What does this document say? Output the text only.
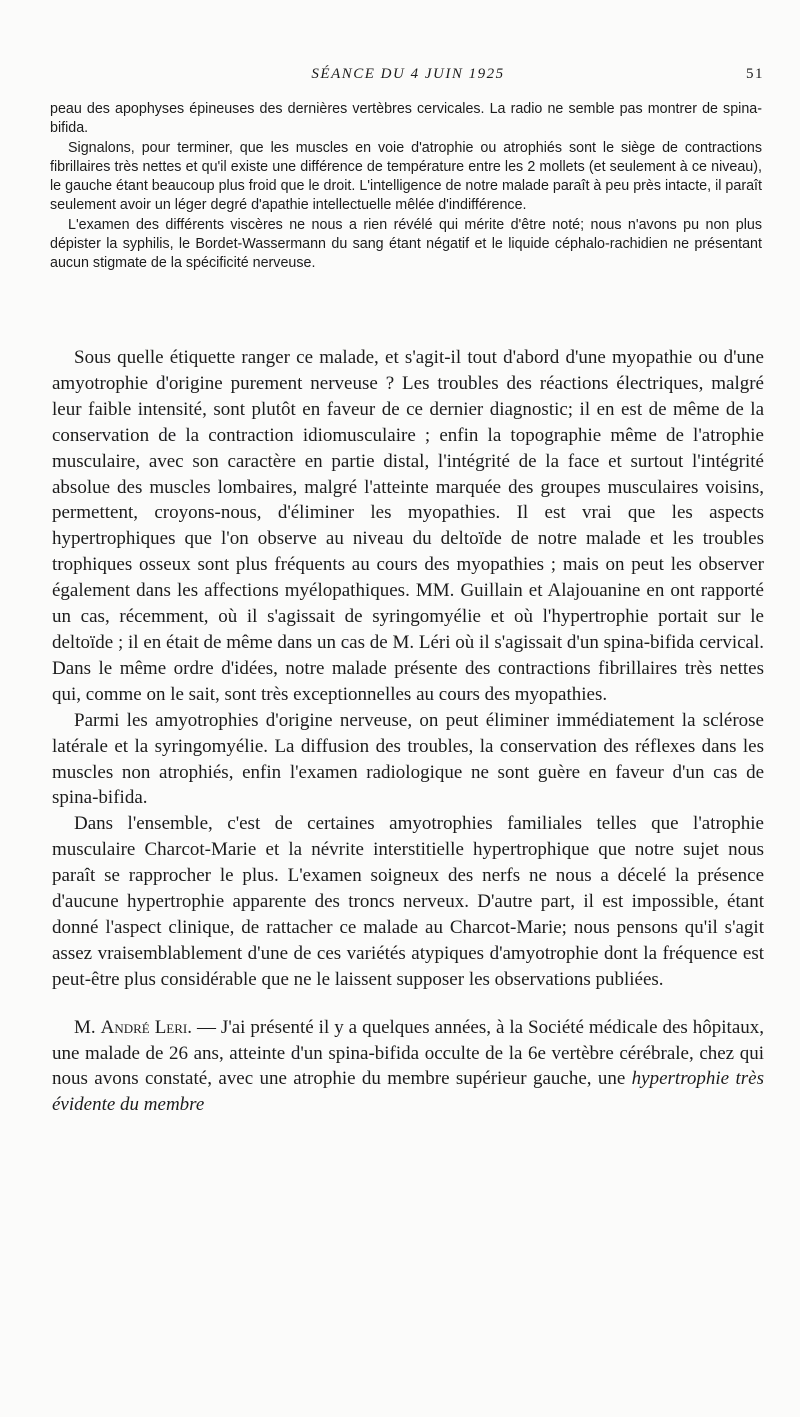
SÉANCE DU 4 JUIN 1925	51

peau des apophyses épineuses des dernières vertèbres cervicales. La radio ne semble pas montrer de spina-bifida.

Signalons, pour terminer, que les muscles en voie d'atrophie ou atrophiés sont le siège de contractions fibrillaires très nettes et qu'il existe une différence de température entre les 2 mollets (et seulement à ce niveau), le gauche étant beaucoup plus froid que le droit. L'intelligence de notre malade paraît à peu près intacte, il paraît seulement avoir un léger degré d'apathie intellectuelle mêlée d'indifférence.

L'examen des différents viscères ne nous a rien révélé qui mérite d'être noté; nous n'avons pu non plus dépister la syphilis, le Bordet-Wassermann du sang étant négatif et le liquide céphalo-rachidien ne présentant aucun stigmate de la spécificité nerveuse.

Sous quelle étiquette ranger ce malade, et s'agit-il tout d'abord d'une myopathie ou d'une amyotrophie d'origine purement nerveuse ? Les troubles des réactions électriques, malgré leur faible intensité, sont plutôt en faveur de ce dernier diagnostic; il en est de même de la conservation de la contraction idiomusculaire ; enfin la topographie même de l'atrophie musculaire, avec son caractère en partie distal, l'intégrité de la face et surtout l'intégrité absolue des muscles lombaires, malgré l'atteinte marquée des groupes musculaires voisins, permettent, croyons-nous, d'éliminer les myopathies. Il est vrai que les aspects hypertrophiques que l'on observe au niveau du deltoïde de notre malade et les troubles trophiques osseux sont plus fréquents au cours des myopathies ; mais on peut les observer également dans les affections myélopathiques. MM. Guillain et Alajouanine en ont rapporté un cas, récemment, où il s'agissait de syringomyélie et où l'hypertrophie portait sur le deltoïde ; il en était de même dans un cas de M. Léri où il s'agissait d'un spina-bifida cervical. Dans le même ordre d'idées, notre malade présente des contractions fibrillaires très nettes qui, comme on le sait, sont très exceptionnelles au cours des myopathies.

Parmi les amyotrophies d'origine nerveuse, on peut éliminer immédiatement la sclérose latérale et la syringomyélie. La diffusion des troubles, la conservation des réflexes dans les muscles non atrophiés, enfin l'examen radiologique ne sont guère en faveur d'un cas de spina-bifida.

Dans l'ensemble, c'est de certaines amyotrophies familiales telles que l'atrophie musculaire Charcot-Marie et la névrite interstitielle hypertrophique que notre sujet nous paraît se rapprocher le plus. L'examen soigneux des nerfs ne nous a décelé la présence d'aucune hypertrophie apparente des troncs nerveux. D'autre part, il est impossible, étant donné l'aspect clinique, de rattacher ce malade au Charcot-Marie; nous pensons qu'il s'agit assez vraisemblablement d'une de ces variétés atypiques d'amyotrophie dont la fréquence est peut-être plus considérable que ne le laissent supposer les observations publiées.

M. André Leri. — J'ai présenté il y a quelques années, à la Société médicale des hôpitaux, une malade de 26 ans, atteinte d'un spina-bifida occulte de la 6e vertèbre cérébrale, chez qui nous avons constaté, avec une atrophie du membre supérieur gauche, une hypertrophie très évidente du membre
